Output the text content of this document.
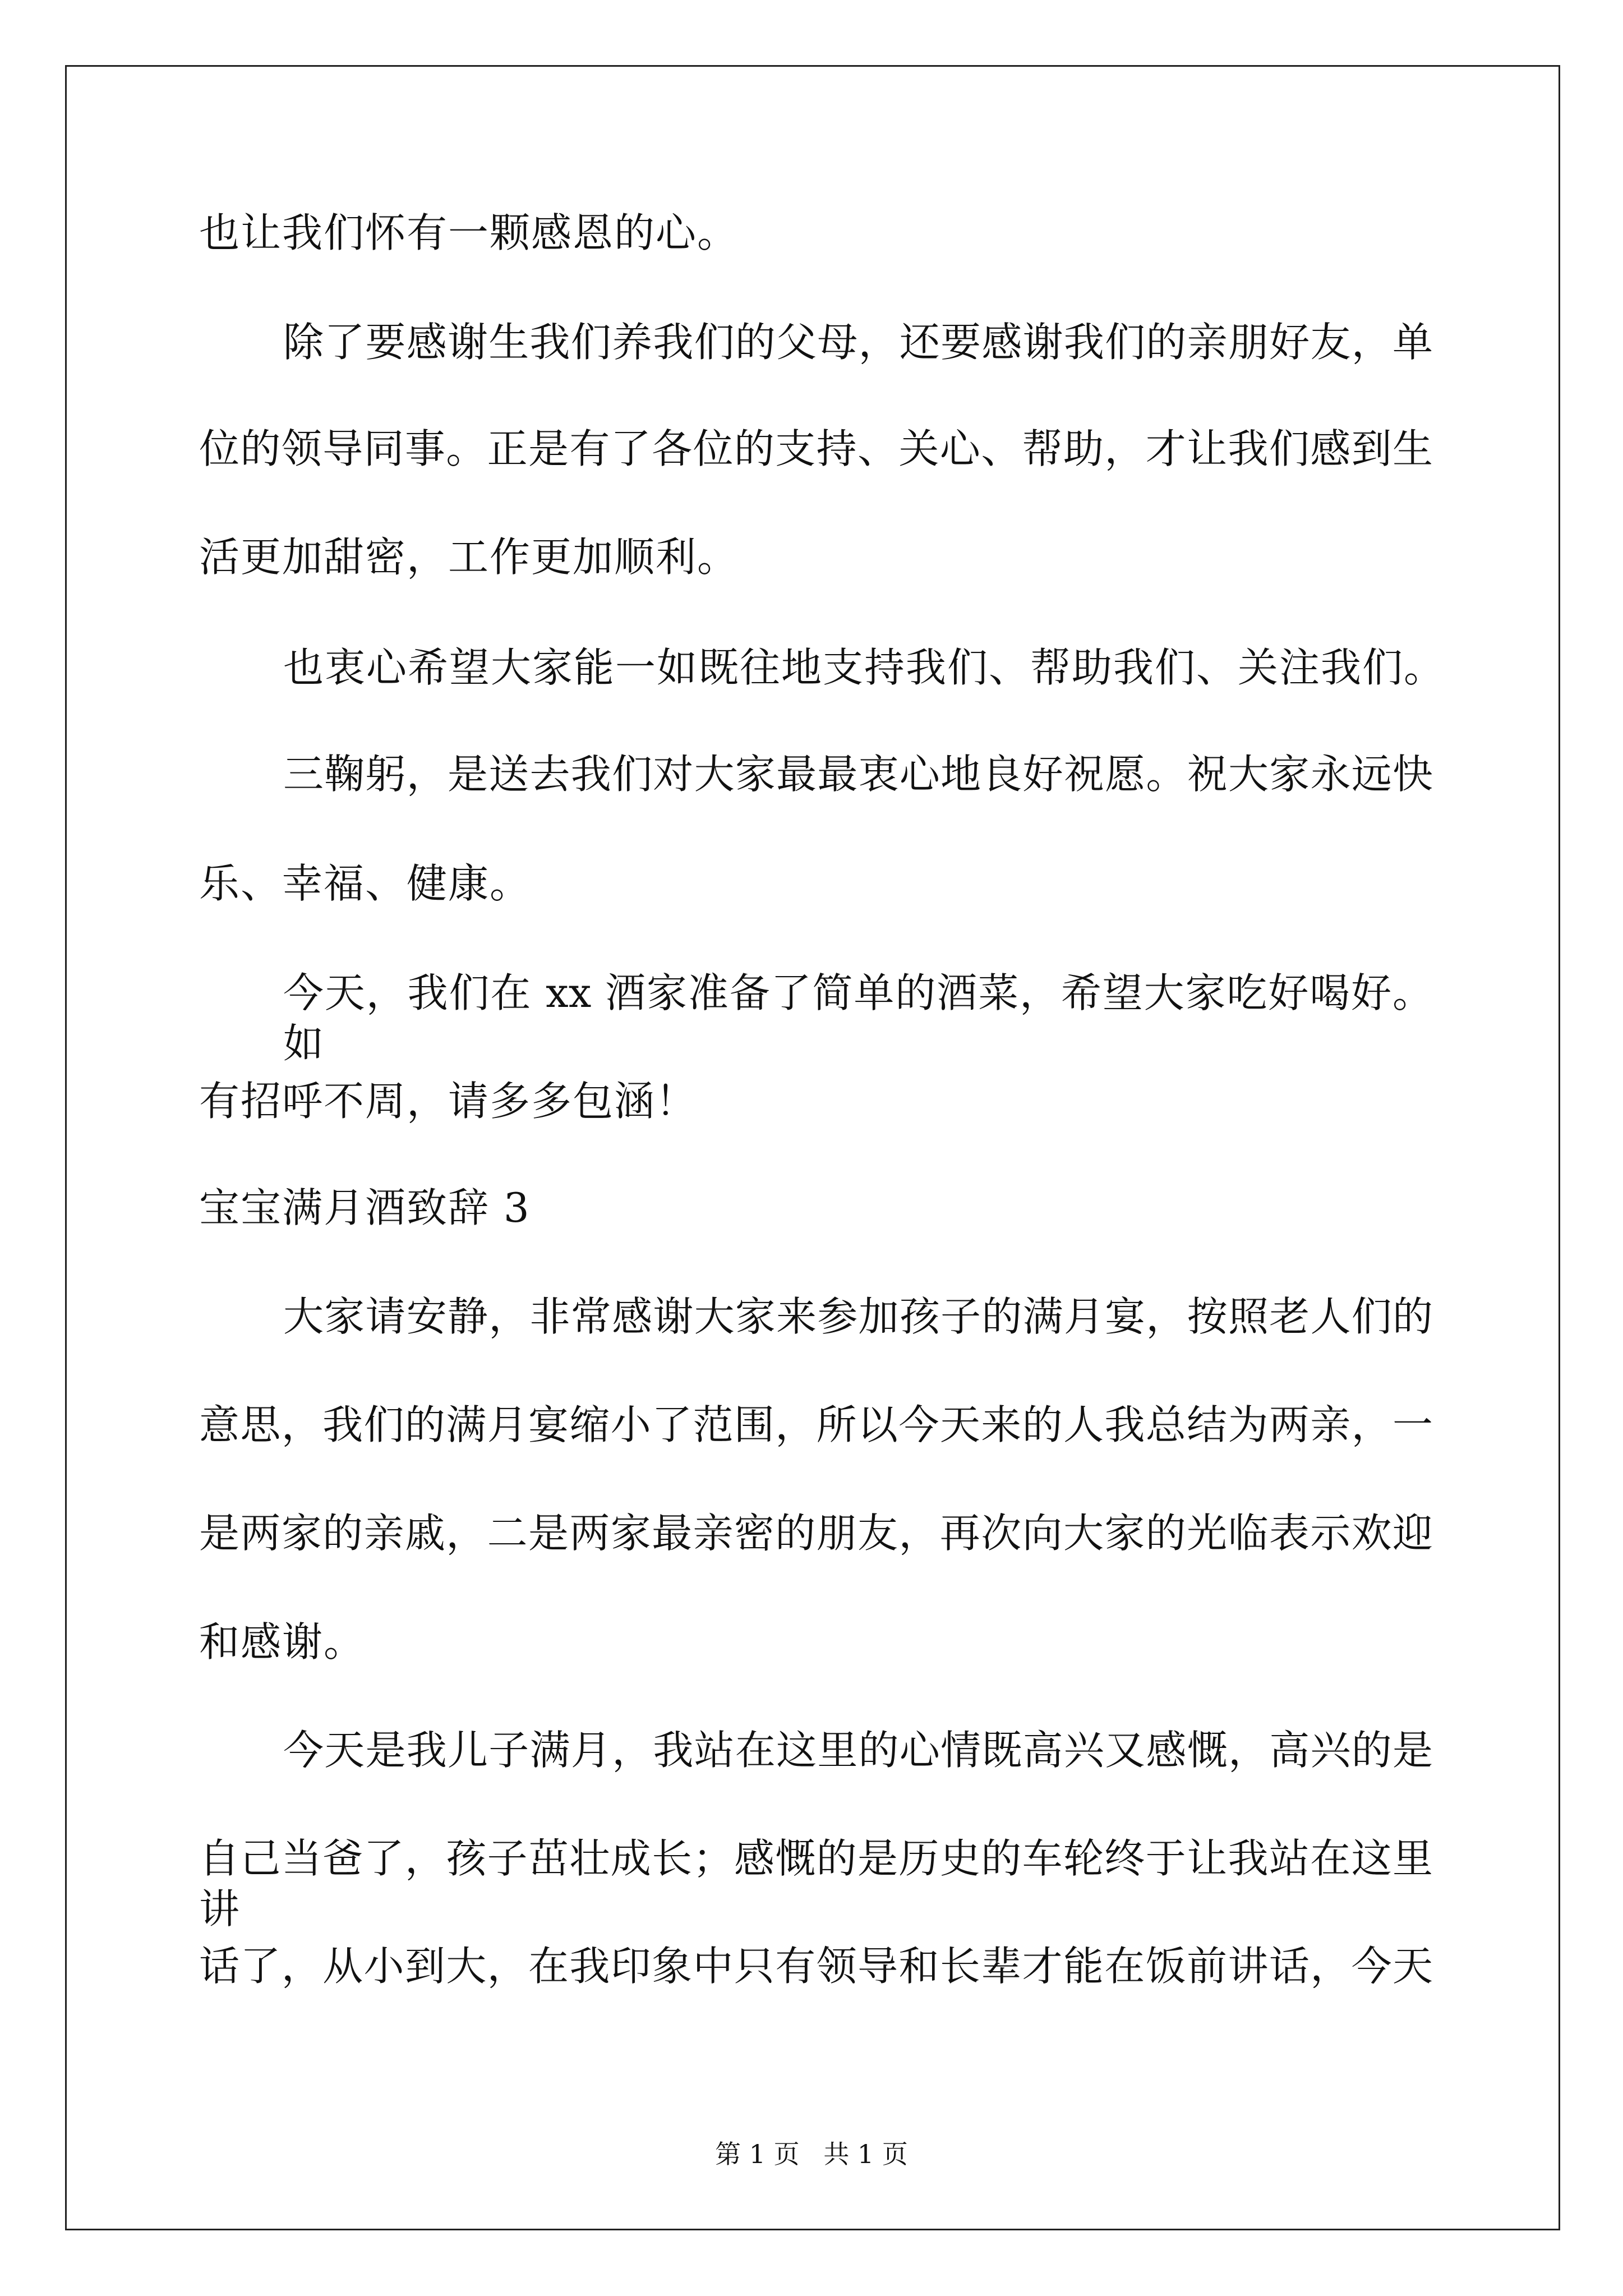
也让我们怀有一颗感恩的心。
除了要感谢生我们养我们的父母，还要感谢我们的亲朋好友，单
位的领导同事。正是有了各位的支持、关心、帮助，才让我们感到生
活更加甜密，工作更加顺利。
也衷心希望大家能一如既往地支持我们、帮助我们、关注我们。
三鞠躬，是送去我们对大家最最衷心地良好祝愿。祝大家永远快
乐、幸福、健康。
今天，我们在 xx 酒家准备了简单的酒菜，希望大家吃好喝好。如
有招呼不周，请多多包涵！
宝宝满月酒致辞 3
大家请安静，非常感谢大家来参加孩子的满月宴，按照老人们的
意思，我们的满月宴缩小了范围，所以今天来的人我总结为两亲，一
是两家的亲戚，二是两家最亲密的朋友，再次向大家的光临表示欢迎
和感谢。
今天是我儿子满月，我站在这里的心情既高兴又感慨，高兴的是
自己当爸了，孩子茁壮成长；感慨的是历史的车轮终于让我站在这里讲
话了，从小到大，在我印象中只有领导和长辈才能在饭前讲话，今天
第 1 页 共 1 页
